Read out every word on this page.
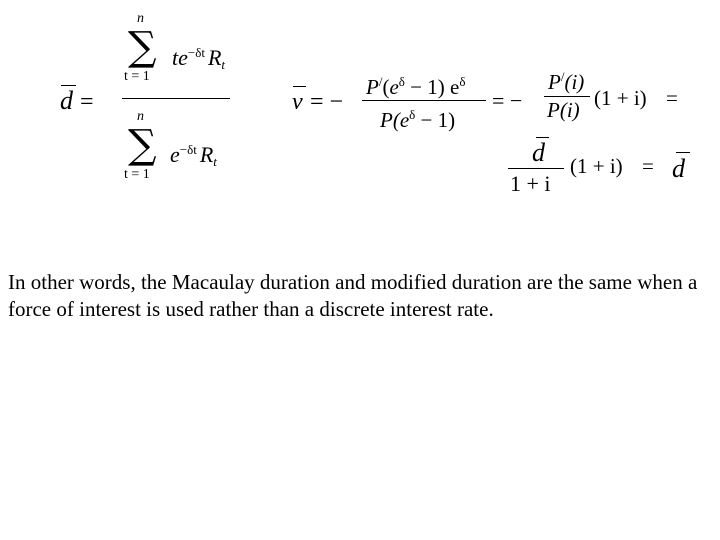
d =
n
∑
t = 1
$te^{-\delta t}$ $R_t$
n
∑
t = 1
$e^{-\delta t}$ $R_t$
v = −
$P^/(e^\delta - 1)$ $e^\delta$
$P(e^\delta - 1)$
= −
P/(i)
P(i) (1 + i) =
d
1 + i
(1 + i) = d

In other words, the Macaulay duration and modified duration are the same when a force of interest is used rather than a discrete interest rate.
